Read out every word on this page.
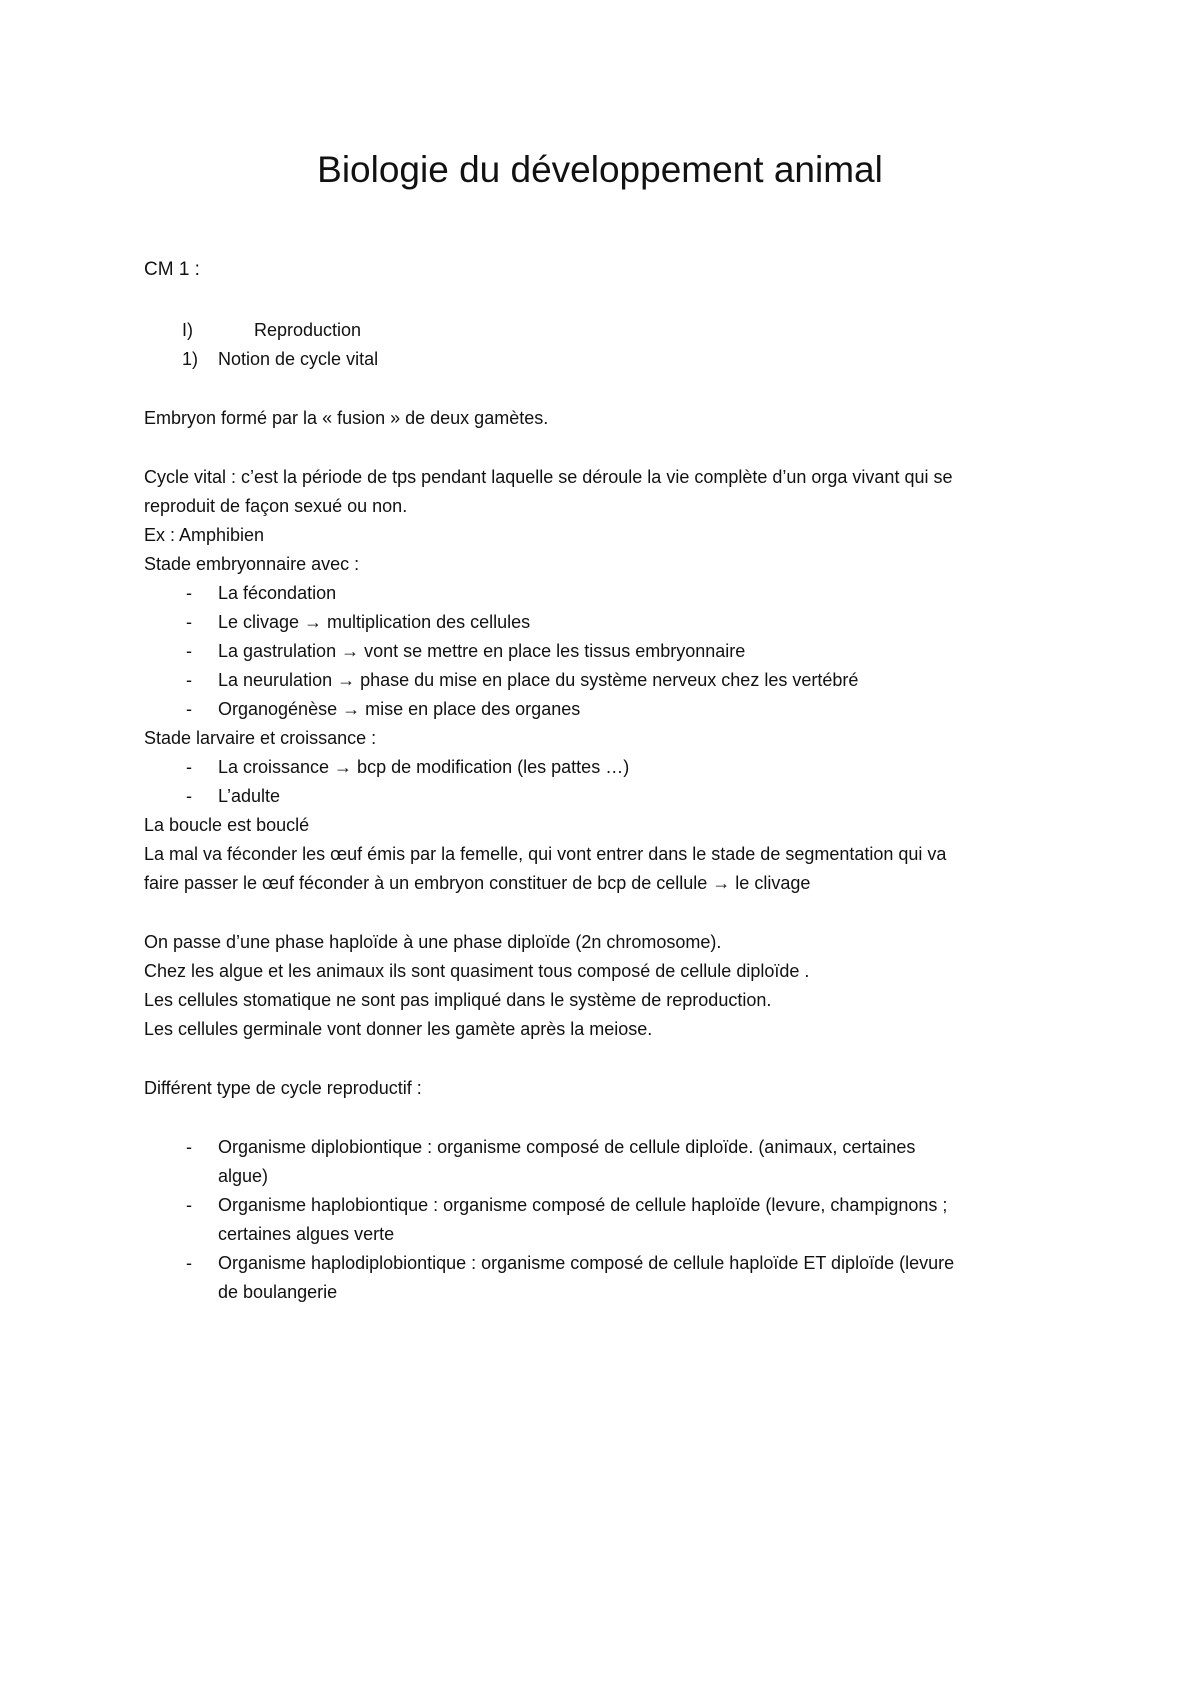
Biologie du développement animal
CM 1 :
I)	Reproduction
1) Notion de cycle vital
Embryon formé par la « fusion » de deux gamètes.
Cycle vital : c’est la période de tps pendant laquelle se déroule la vie complète d’un orga vivant qui se
reproduit de façon sexué ou non.
Ex : Amphibien
Stade embryonnaire avec :
- La fécondation
- Le clivage → multiplication des cellules
- La gastrulation → vont se mettre en place les tissus embryonnaire
- La neurulation → phase du mise en place du système nerveux chez les vertébré
- Organogénèse → mise en place des organes
Stade larvaire et croissance :
- La croissance → bcp de modification (les pattes …)
- L’adulte
La boucle est bouclé
La mal va féconder les œuf émis par la femelle, qui vont entrer dans le stade de segmentation qui va
faire passer le œuf féconder à un embryon constituer de bcp de cellule → le clivage
On passe d’une phase haploïde à une phase diploïde (2n chromosome).
Chez les algue et les animaux ils sont quasiment tous composé de cellule diploïde .
Les cellules stomatique ne sont pas impliqué dans le système de reproduction.
Les cellules germinale vont donner les gamète après la meiose.
Différent type de cycle reproductif :
- Organisme diplobiontique : organisme composé de cellule diploïde. (animaux, certaines
algue)
- Organisme haplobiontique : organisme composé de cellule haploïde (levure, champignons ;
certaines algues verte
- Organisme haplodiplobiontique : organisme composé de cellule haploïde ET diploïde (levure
de boulangerie
